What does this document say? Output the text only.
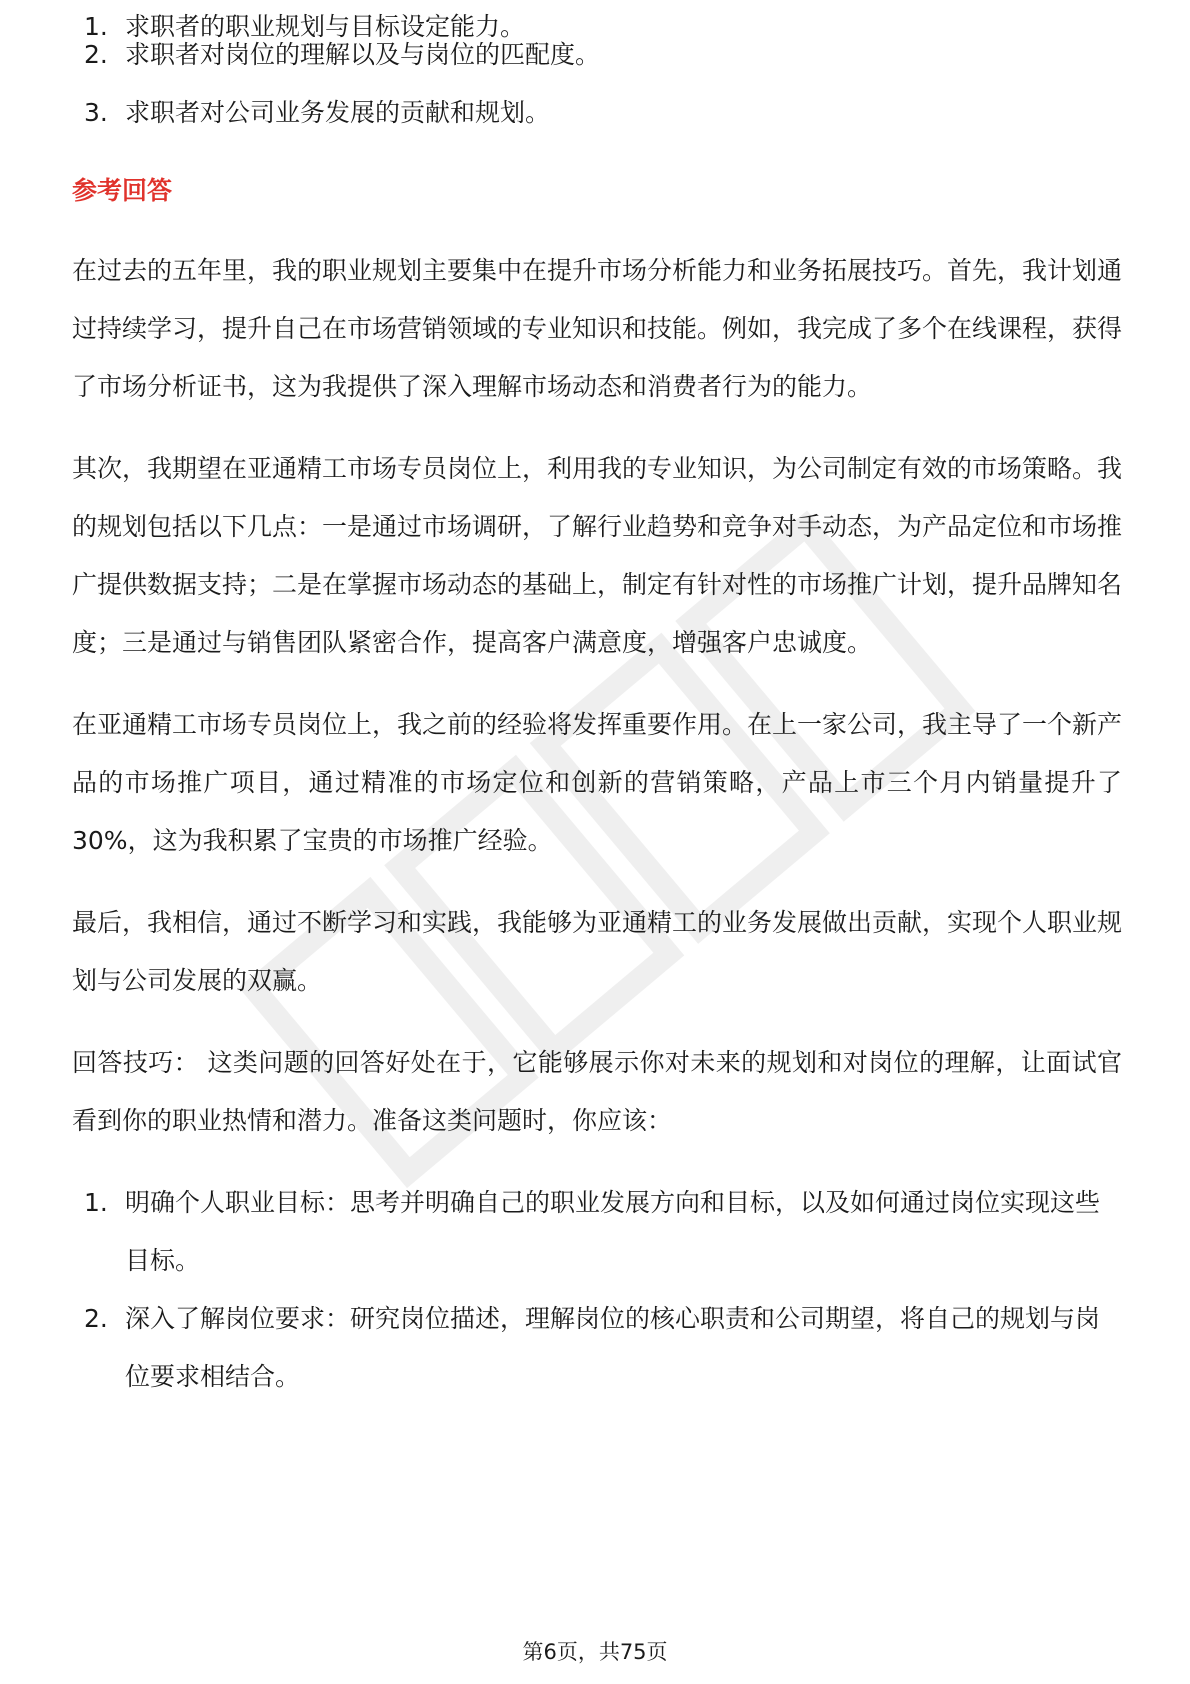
1. 求职者的职业规划与目标设定能力。
2. 求职者对岗位的理解以及与岗位的匹配度。
3. 求职者对公司业务发展的贡献和规划。
参考回答

在过去的五年里，我的职业规划主要集中在提升市场分析能力和业务拓展技巧。首先，我计划通过持续学习，提升自己在市场营销领域的专业知识和技能。例如，我完成了多个在线课程，获得了市场分析证书，这为我提供了深入理解市场动态和消费者行为的能力。

其次，我期望在亚通精工市场专员岗位上，利用我的专业知识，为公司制定有效的市场策略。我的规划包括以下几点：一是通过市场调研，了解行业趋势和竞争对手动态，为产品定位和市场推广提供数据支持；二是在掌握市场动态的基础上，制定有针对性的市场推广计划，提升品牌知名度；三是通过与销售团队紧密合作，提高客户满意度，增强客户忠诚度。

在亚通精工市场专员岗位上，我之前的经验将发挥重要作用。在上一家公司，我主导了一个新产品的市场推广项目，通过精准的市场定位和创新的营销策略，产品上市三个月内销量提升了30%，这为我积累了宝贵的市场推广经验。

最后，我相信，通过不断学习和实践，我能够为亚通精工的业务发展做出贡献，实现个人职业规划与公司发展的双赢。

回答技巧： 这类问题的回答好处在于，它能够展示你对未来的规划和对岗位的理解，让面试官看到你的职业热情和潜力。准备这类问题时，你应该：

1. 明确个人职业目标：思考并明确自己的职业发展方向和目标，以及如何通过岗位实现这些目标。
2. 深入了解岗位要求：研究岗位描述，理解岗位的核心职责和公司期望，将自己的规划与岗位要求相结合。
第6页，共75页
